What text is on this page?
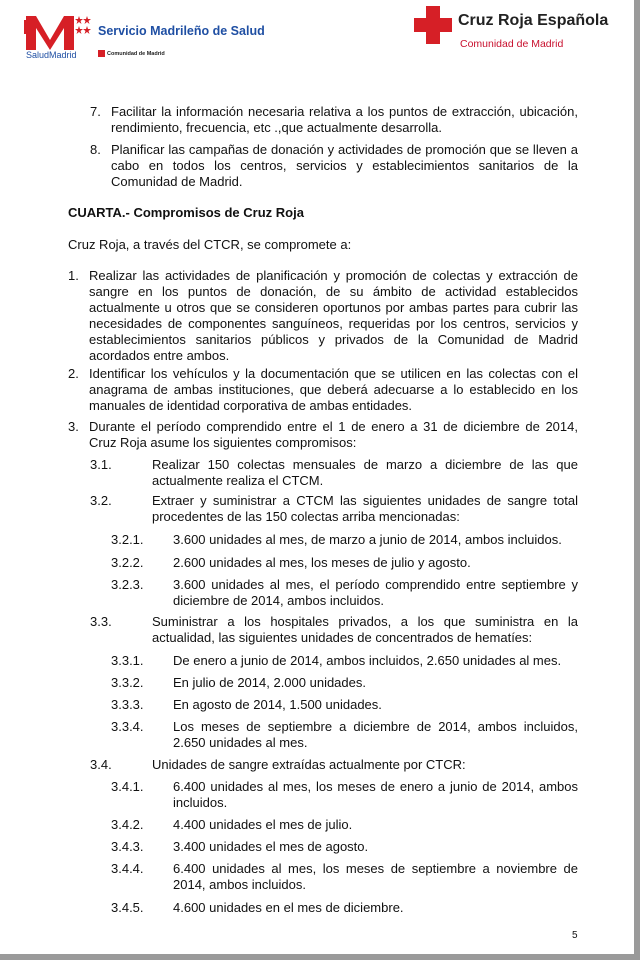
SaludMadrid
Servicio Madrileño de Salud
Comunidad de Madrid
Cruz Roja Española
Comunidad de Madrid
7. Facilitar la información necesaria relativa a los puntos de extracción, ubicación, rendimiento, frecuencia, etc .,que actualmente desarrolla.
8. Planificar las campañas de donación y actividades de promoción que se lleven a cabo en todos los centros, servicios y establecimientos sanitarios de la Comunidad de Madrid.
CUARTA.- Compromisos de Cruz Roja
Cruz Roja, a través del CTCR, se compromete a:
1. Realizar las actividades de planificación y promoción de colectas y extracción de sangre en los puntos de donación, de su ámbito de actividad establecidos actualmente u otros que se consideren oportunos por ambas partes para cubrir las necesidades de componentes sanguíneos, requeridas por los centros, servicios y establecimientos sanitarios públicos y privados de la Comunidad de Madrid acordados entre ambos.
2. Identificar los vehículos y la documentación que se utilicen en las colectas con el anagrama de ambas instituciones, que deberá adecuarse a lo establecido en los manuales de identidad corporativa de ambas entidades.
3. Durante el período comprendido entre el 1 de enero a 31 de diciembre de 2014, Cruz Roja asume los siguientes compromisos:
3.1.	Realizar 150 colectas mensuales de marzo a diciembre de las que actualmente realiza el CTCM.
3.2.	Extraer y suministrar a CTCM las siguientes unidades de sangre total procedentes de las 150 colectas arriba mencionadas:
3.2.1. 3.600 unidades al mes, de marzo a junio de 2014, ambos incluidos.
3.2.2. 2.600 unidades al mes, los meses de julio y agosto.
3.2.3. 3.600 unidades al mes, el período comprendido entre septiembre y diciembre de 2014, ambos incluidos.
3.3.	Suministrar a los hospitales privados, a los que suministra en la actualidad, las siguientes unidades de concentrados de hematíes:
3.3.1. De enero a junio de 2014, ambos incluidos, 2.650 unidades al mes.
3.3.2. En julio de 2014, 2.000 unidades.
3.3.3. En agosto de 2014, 1.500 unidades.
3.3.4. Los meses de septiembre a diciembre de 2014, ambos incluidos, 2.650 unidades al mes.
3.4.	Unidades de sangre extraídas actualmente por CTCR:
3.4.1. 6.400 unidades al mes, los meses de enero a junio de 2014, ambos incluidos.
3.4.2. 4.400 unidades el mes de julio.
3.4.3. 3.400 unidades el mes de agosto.
3.4.4. 6.400 unidades al mes, los meses de septiembre a noviembre de 2014, ambos incluidos.
3.4.5. 4.600 unidades en el mes de diciembre.
5
